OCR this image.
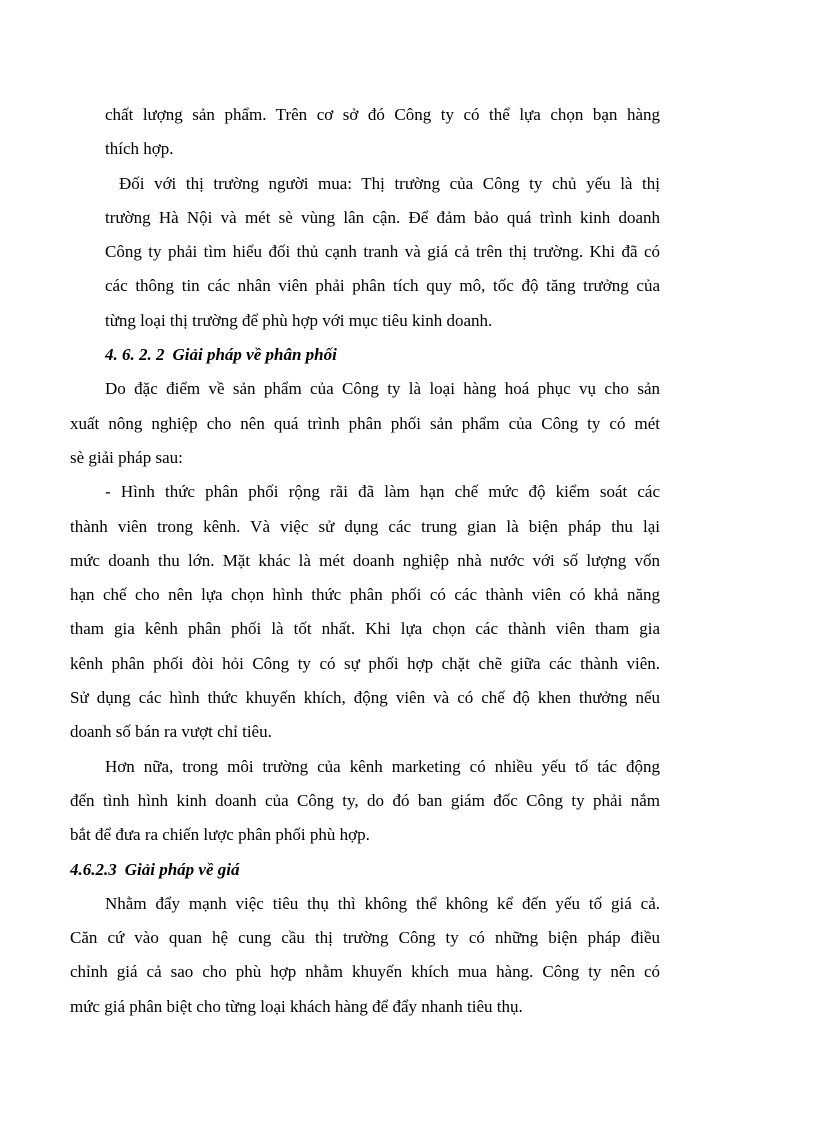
chất lượng sản phẩm. Trên cơ sở đó Công ty có thể lựa chọn bạn hàng
thích hợp.
Đối với thị trường người mua: Thị trường của Công ty chủ yếu là thị
trường Hà Nội và mét sè vùng lân cận. Để đảm bảo quá trình kinh doanh
Công ty phải tìm hiểu đối thủ cạnh tranh và giá cả trên thị trường. Khi đã có
các thông tin các nhân viên phải phân tích quy mô, tốc độ tăng trưởng của
từng loại thị trường để phù hợp với mục tiêu kinh doanh.
4. 6. 2. 2 Giải pháp về phân phối
Do đặc điểm về sản phẩm của Công ty là loại hàng hoá phục vụ cho sản
xuất nông nghiệp cho nên quá trình phân phối sản phẩm của Công ty có mét
sè giải pháp sau:
- Hình thức phân phối rộng rãi đã làm hạn chế mức độ kiểm soát các
thành viên trong kênh. Và việc sử dụng các trung gian là biện pháp thu lại
mức doanh thu lớn. Mặt khác là mét doanh nghiệp nhà nước với số lượng vốn
hạn chế cho nên lựa chọn hình thức phân phối có các thành viên có khả năng
tham gia kênh phân phối là tốt nhất. Khi lựa chọn các thành viên tham gia
kênh phân phối đòi hỏi Công ty có sự phối hợp chặt chẽ giữa các thành viên.
Sử dụng các hình thức khuyến khích, động viên và có chế độ khen thưởng nếu
doanh số bán ra vượt chỉ tiêu.
Hơn nữa, trong môi trường của kênh marketing có nhiều yếu tố tác động
đến tình hình kinh doanh của Công ty, do đó ban giám đốc Công ty phải nắm
bắt để đưa ra chiến lược phân phối phù hợp.
4.6.2.3 Giải pháp về giá
Nhằm đẩy mạnh việc tiêu thụ thì không thể không kể đến yếu tố giá cả.
Căn cứ vào quan hệ cung cầu thị trường Công ty có những biện pháp điều
chỉnh giá cả sao cho phù hợp nhằm khuyến khích mua hàng. Công ty nên có
mức giá phân biệt cho từng loại khách hàng để đẩy nhanh tiêu thụ.
